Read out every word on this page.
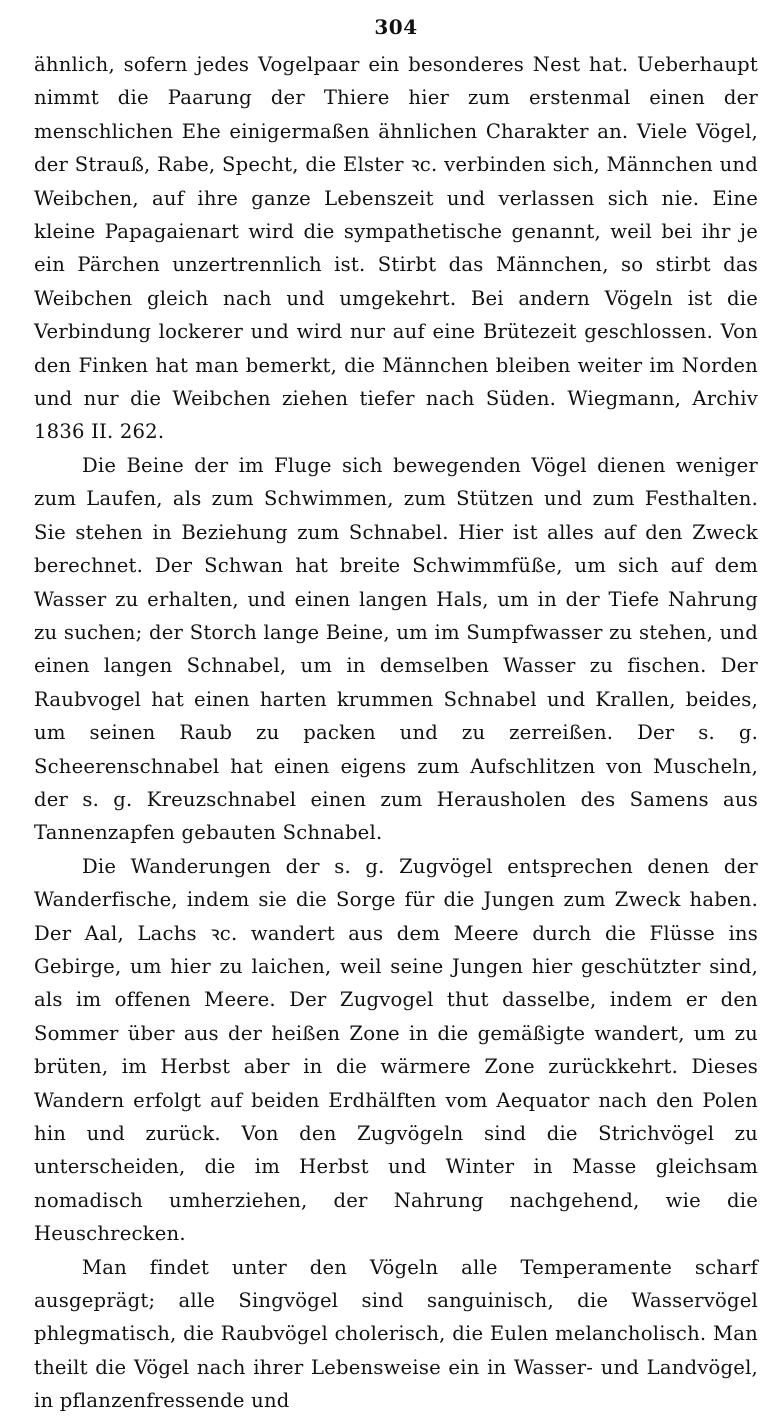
304

ähnlich, sofern jedes Vogelpaar ein besonderes Nest hat. Ueberhaupt nimmt die Paarung der Thiere hier zum erstenmal einen der menschlichen Ehe einigermaßen ähnlichen Charakter an. Viele Vögel, der Strauß, Rabe, Specht, die Elster ꝛc. verbinden sich, Männchen und Weibchen, auf ihre ganze Lebenszeit und verlassen sich nie. Eine kleine Papagaienart wird die sympathetische genannt, weil bei ihr je ein Pärchen unzertrennlich ist. Stirbt das Männchen, so stirbt das Weibchen gleich nach und umgekehrt. Bei andern Vögeln ist die Verbindung lockerer und wird nur auf eine Brütezeit geschlossen. Von den Finken hat man bemerkt, die Männchen bleiben weiter im Norden und nur die Weibchen ziehen tiefer nach Süden. Wiegmann, Archiv 1836 II. 262.

Die Beine der im Fluge sich bewegenden Vögel dienen weniger zum Laufen, als zum Schwimmen, zum Stützen und zum Festhalten. Sie stehen in Beziehung zum Schnabel. Hier ist alles auf den Zweck berechnet. Der Schwan hat breite Schwimmfüße, um sich auf dem Wasser zu erhalten, und einen langen Hals, um in der Tiefe Nahrung zu suchen; der Storch lange Beine, um im Sumpfwasser zu stehen, und einen langen Schnabel, um in demselben Wasser zu fischen. Der Raubvogel hat einen harten krummen Schnabel und Krallen, beides, um seinen Raub zu packen und zu zerreißen. Der s. g. Scheerenschnabel hat einen eigens zum Aufschlitzen von Muscheln, der s. g. Kreuzschnabel einen zum Herausholen des Samens aus Tannenzapfen gebauten Schnabel.

Die Wanderungen der s. g. Zugvögel entsprechen denen der Wanderfische, indem sie die Sorge für die Jungen zum Zweck haben. Der Aal, Lachs ꝛc. wandert aus dem Meere durch die Flüsse ins Gebirge, um hier zu laichen, weil seine Jungen hier geschützter sind, als im offenen Meere. Der Zugvogel thut dasselbe, indem er den Sommer über aus der heißen Zone in die gemäßigte wandert, um zu brüten, im Herbst aber in die wärmere Zone zurückkehrt. Dieses Wandern erfolgt auf beiden Erdhälften vom Aequator nach den Polen hin und zurück. Von den Zugvögeln sind die Strichvögel zu unterscheiden, die im Herbst und Winter in Masse gleichsam nomadisch umherziehen, der Nahrung nachgehend, wie die Heuschrecken.

Man findet unter den Vögeln alle Temperamente scharf ausgeprägt; alle Singvögel sind sanguinisch, die Wasservögel phlegmatisch, die Raubvögel cholerisch, die Eulen melancholisch. Man theilt die Vögel nach ihrer Lebensweise ein in Wasser- und Landvögel, in pflanzenfressende und
